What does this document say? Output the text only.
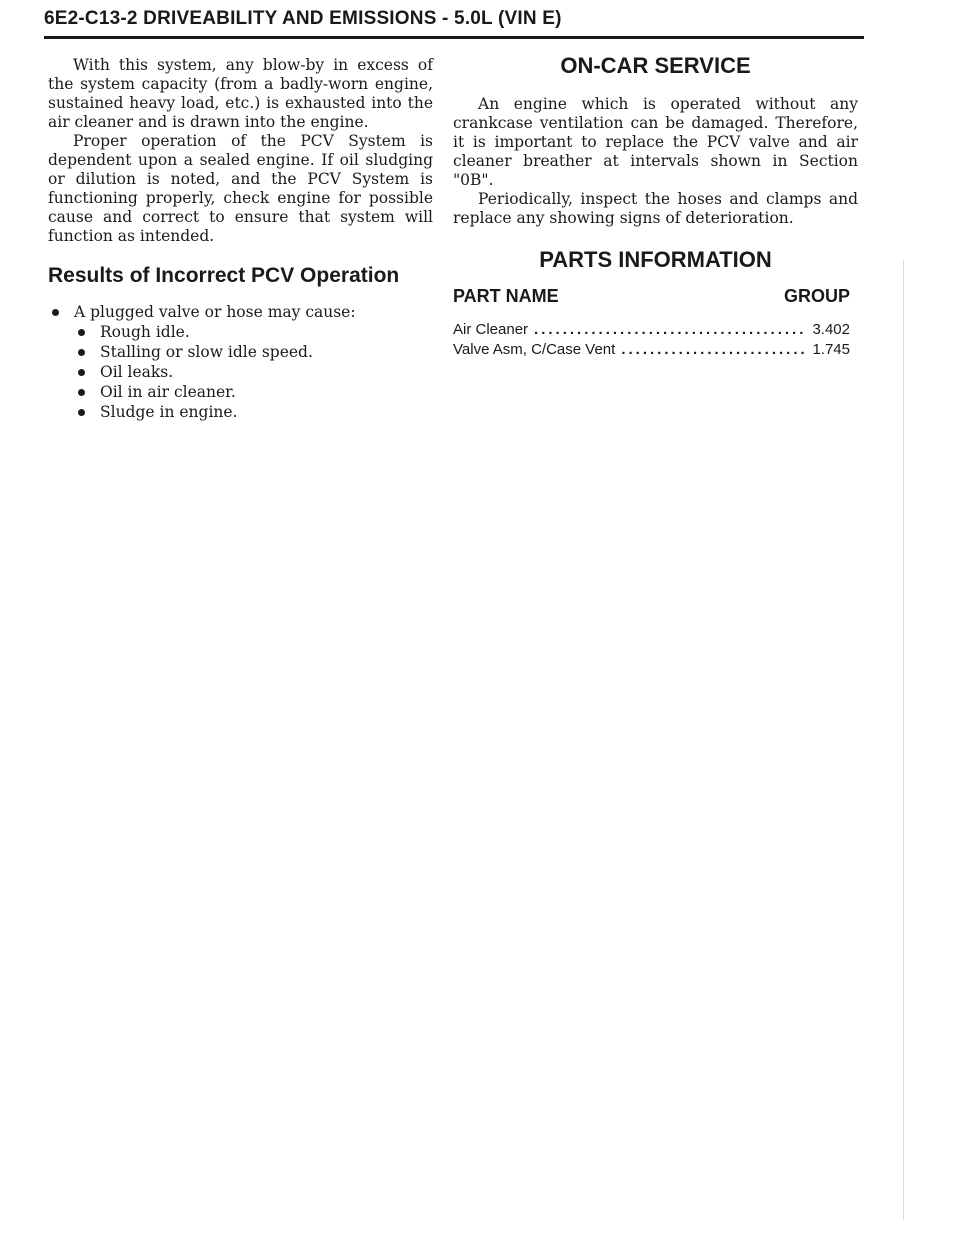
6E2-C13-2 DRIVEABILITY AND EMISSIONS - 5.0L (VIN E)

With this system, any blow-by in excess of the system capacity (from a badly-worn engine, sustained heavy load, etc.) is exhausted into the air cleaner and is drawn into the engine.

Proper operation of the PCV System is dependent upon a sealed engine. If oil sludging or dilution is noted, and the PCV System is functioning properly, check engine for possible cause and correct to ensure that system will function as intended.

Results of Incorrect PCV Operation
A plugged valve or hose may cause:
Rough idle.
Stalling or slow idle speed.
Oil leaks.
Oil in air cleaner.
Sludge in engine.
ON-CAR SERVICE

An engine which is operated without any crankcase ventilation can be damaged. Therefore, it is important to replace the PCV valve and air cleaner breather at intervals shown in Section "0B".

Periodically, inspect the hoses and clamps and replace any showing signs of deterioration.

PARTS INFORMATION
PART NAME	GROUP
Air Cleaner .....	3.402
Valve Asm, C/Case Vent .....	1.745
